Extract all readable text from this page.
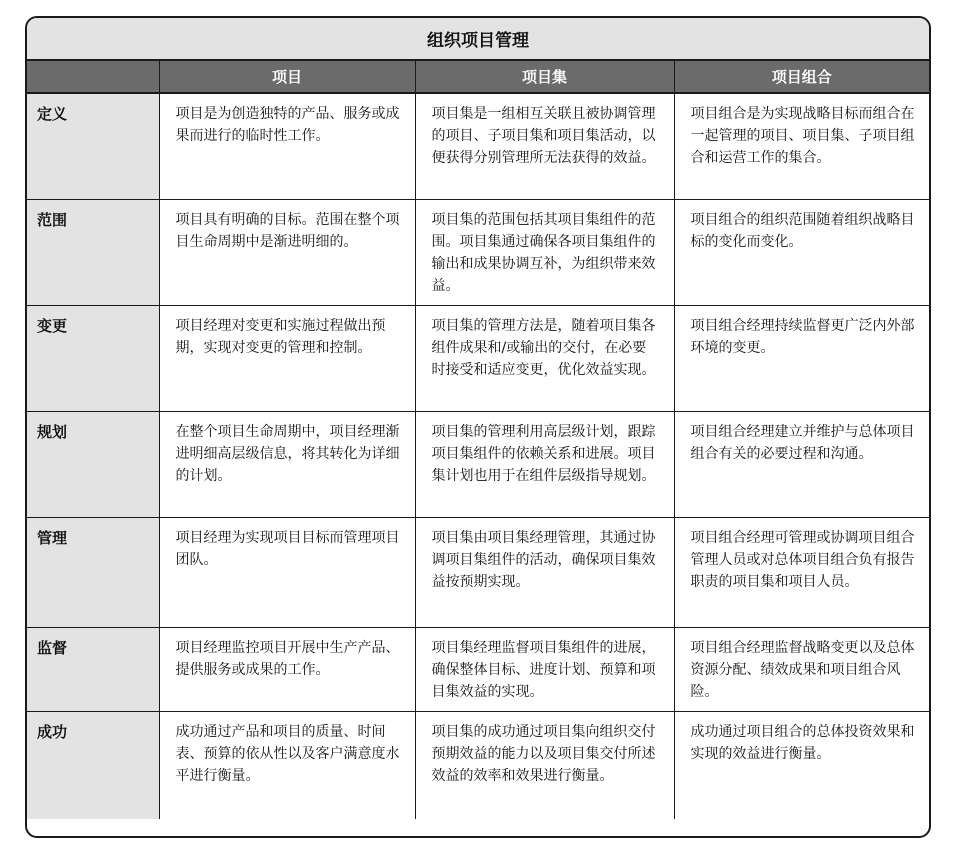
组织项目管理
	项目	项目集	项目组合
定义	项目是为创造独特的产品、服务或成果而进行的临时性工作。	项目集是一组相互关联且被协调管理的项目、子项目集和项目集活动，以便获得分别管理所无法获得的效益。	项目组合是为实现战略目标而组合在一起管理的项目、项目集、子项目组合和运营工作的集合。
范围	项目具有明确的目标。范围在整个项目生命周期中是渐进明细的。	项目集的范围包括其项目集组件的范围。项目集通过确保各项目集组件的输出和成果协调互补，为组织带来效益。	项目组合的组织范围随着组织战略目标的变化而变化。
变更	项目经理对变更和实施过程做出预期，实现对变更的管理和控制。	项目集的管理方法是，随着项目集各组件成果和/或输出的交付，在必要时接受和适应变更，优化效益实现。	项目组合经理持续监督更广泛内外部环境的变更。
规划	在整个项目生命周期中，项目经理渐进明细高层级信息，将其转化为详细的计划。	项目集的管理利用高层级计划，跟踪项目集组件的依赖关系和进展。项目集计划也用于在组件层级指导规划。	项目组合经理建立并维护与总体项目组合有关的必要过程和沟通。
管理	项目经理为实现项目目标而管理项目团队。	项目集由项目集经理管理，其通过协调项目集组件的活动，确保项目集效益按预期实现。	项目组合经理可管理或协调项目组合管理人员或对总体项目组合负有报告职责的项目集和项目人员。
监督	项目经理监控项目开展中生产产品、提供服务或成果的工作。	项目集经理监督项目集组件的进展，确保整体目标、进度计划、预算和项目集效益的实现。	项目组合经理监督战略变更以及总体资源分配、绩效成果和项目组合风险。
成功	成功通过产品和项目的质量、时间表、预算的依从性以及客户满意度水平进行衡量。	项目集的成功通过项目集向组织交付预期效益的能力以及项目集交付所述效益的效率和效果进行衡量。	成功通过项目组合的总体投资效果和实现的效益进行衡量。
